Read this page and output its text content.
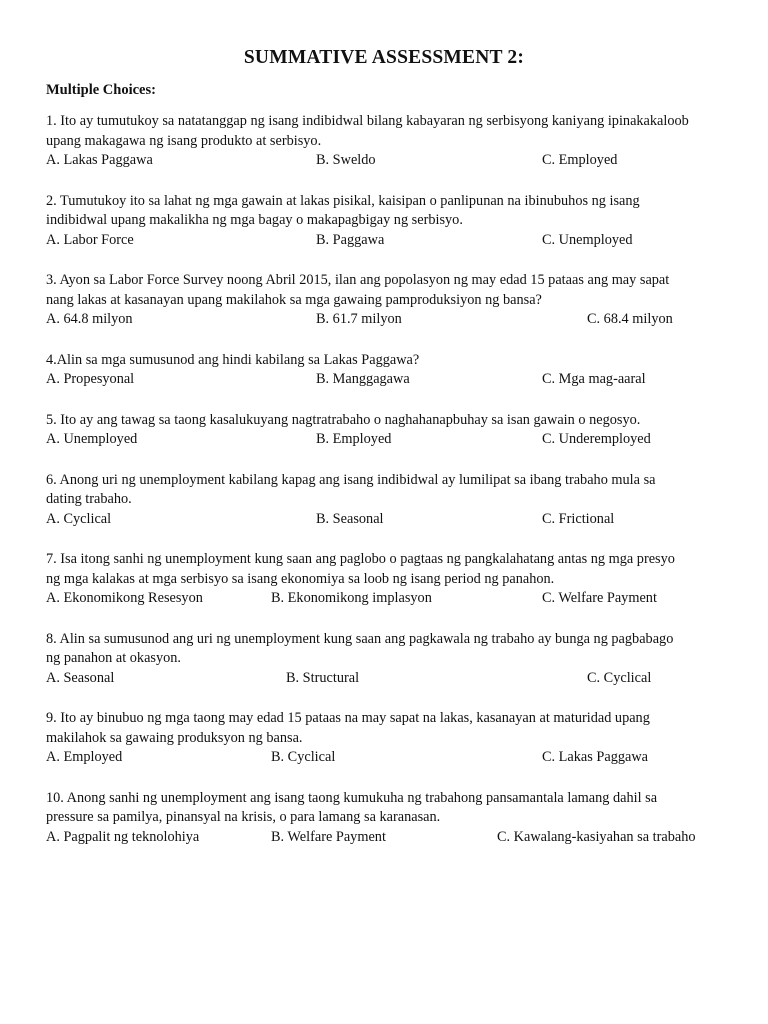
SUMMATIVE ASSESSMENT 2:
Multiple Choices:
1. Ito ay tumutukoy sa natatanggap ng isang indibidwal bilang kabayaran ng serbisyong kaniyang ipinakakaloob
upang makagawa ng isang produkto at serbisyo.
A. Lakas Paggawa	B. Sweldo	C. Employed
2. Tumutukoy ito sa lahat ng mga gawain at lakas pisikal, kaisipan o panlipunan na ibinubuhos ng isang
indibidwal upang makalikha ng mga bagay o makapagbigay ng serbisyo.
A. Labor Force	B. Paggawa	C. Unemployed
3. Ayon sa Labor Force Survey noong Abril 2015, ilan ang popolasyon ng may edad 15 pataas ang may sapat
nang lakas at kasanayan upang makilahok sa mga gawaing pamproduksiyon ng bansa?
A. 64.8 milyon	B. 61.7 milyon	C. 68.4 milyon
4.Alin sa mga sumusunod ang hindi kabilang sa Lakas Paggawa?
A. Propesyonal	B. Manggagawa	C. Mga mag-aaral
5. Ito ay ang tawag sa taong kasalukuyang nagtratrabaho o naghahanapbuhay sa isan gawain o negosyo.
A. Unemployed	B. Employed	C. Underemployed
6. Anong uri ng unemployment kabilang kapag ang isang indibidwal ay lumilipat sa ibang trabaho mula sa
dating trabaho.
A. Cyclical	B. Seasonal	C. Frictional
7. Isa itong sanhi ng unemployment kung saan ang paglobo o pagtaas ng pangkalahatang antas ng mga presyo
ng mga kalakas at mga serbisyo sa isang ekonomiya sa loob ng isang period ng panahon.
A. Ekonomikong Resesyon	B. Ekonomikong implasyon	C. Welfare Payment
8. Alin sa sumusunod ang uri ng unemployment kung saan ang pagkawala ng trabaho ay bunga ng pagbabago
ng panahon at okasyon.
A. Seasonal	B. Structural	C. Cyclical
9. Ito ay binubuo ng mga taong may edad 15 pataas na may sapat na lakas, kasanayan at maturidad upang
makilahok sa gawaing produksyon ng bansa.
A. Employed	B. Cyclical	C. Lakas Paggawa
10. Anong sanhi ng unemployment ang isang taong kumukuha ng trabahong pansamantala lamang dahil sa
pressure sa pamilya, pinansyal na krisis, o para lamang sa karanasan.
A. Pagpalit ng teknolohiya	B. Welfare Payment	C. Kawalang-kasiyahan sa trabaho
